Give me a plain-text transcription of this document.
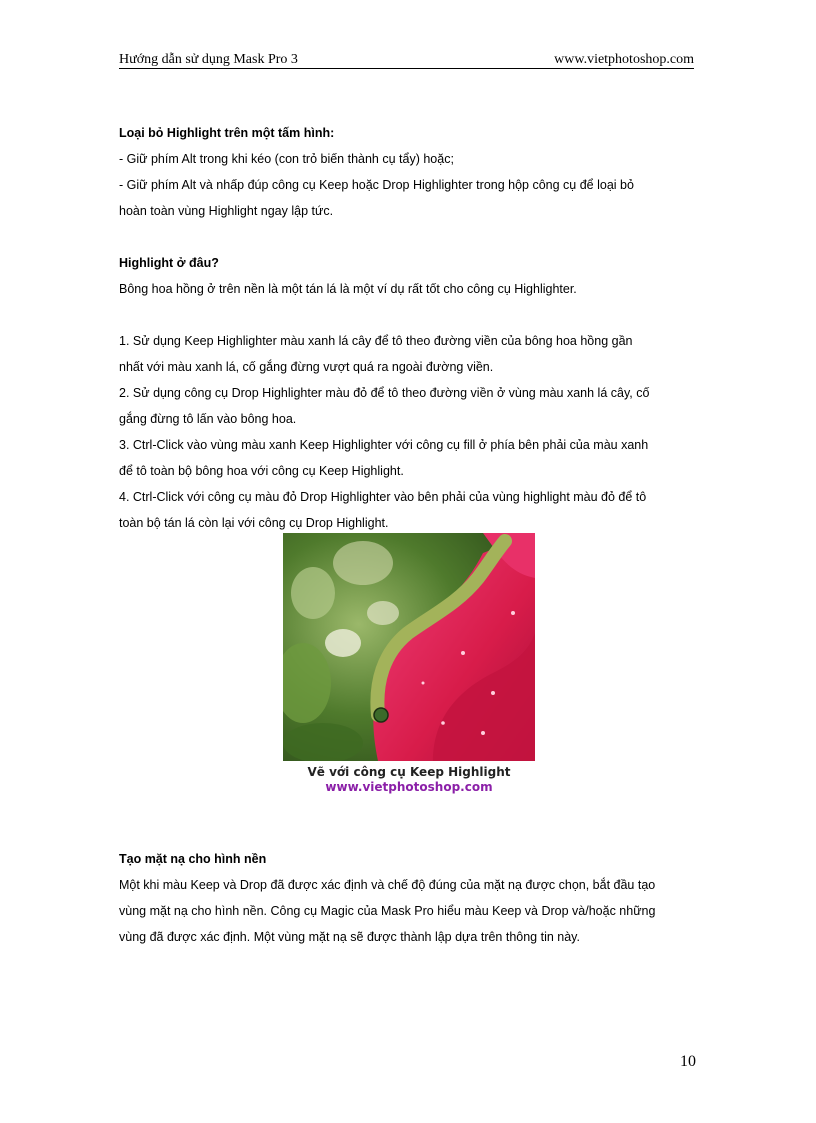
Hướng dẫn sử dụng Mask Pro 3	www.vietphotoshop.com
Loại bỏ Highlight trên một tấm hình:

- Giữ phím Alt trong khi kéo (con trỏ biến thành cụ tẩy) hoặc;

- Giữ phím Alt và nhấp đúp công cụ Keep hoặc Drop Highlighter trong hộp công cụ để loại bỏ

hoàn toàn vùng Highlight ngay lập tức.

Highlight ở đâu?

Bông hoa hồng ở trên nền là một tán lá là một ví dụ rất tốt cho công cụ Highlighter.

1. Sử dụng Keep Highlighter màu xanh lá cây để tô theo đường viền của bông hoa hồng gần

nhất với màu xanh lá, cố gắng đừng vượt quá ra ngoài đường viền.

2. Sử dụng công cụ Drop Highlighter màu đỏ để tô theo đường viền ở vùng màu xanh lá cây, cố

gắng đừng tô lấn vào bông hoa.

3. Ctrl-Click vào vùng màu xanh Keep Highlighter với công cụ fill ở phía bên phải của màu xanh

để tô toàn bộ bông hoa với công cụ Keep Highlight.

4. Ctrl-Click với công cụ màu đỏ Drop Highlighter vào bên phải của vùng highlight màu đỏ để tô

toàn bộ tán lá còn lại với công cụ Drop Highlight.

Vẽ với công cụ Keep Highlight
www.vietphotoshop.com
Tạo mặt nạ cho hình nền

Một khi màu Keep và Drop đã được xác định và chế độ đúng của mặt nạ được chọn, bắt đầu tạo

vùng mặt nạ cho hình nền. Công cụ Magic của Mask Pro hiểu màu Keep và Drop và/hoặc những

vùng đã được xác định. Một vùng mặt nạ sẽ được thành lập dựa trên thông tin này.

10
